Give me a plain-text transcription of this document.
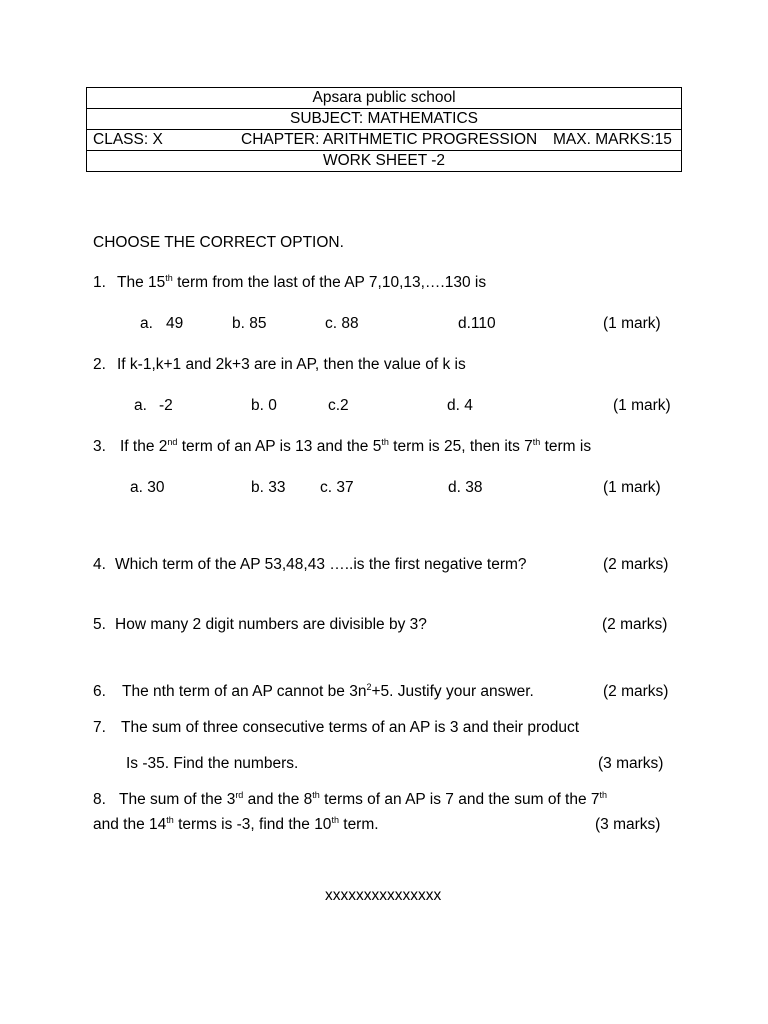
Apsara public school
SUBJECT: MATHEMATICS

CLASS: X	CHAPTER: ARITHMETIC PROGRESSION MAX. MARKS:15

WORK SHEET -2
CHOOSE THE CORRECT OPTION.
1. The 15th term from the last of the AP 7,10,13,….130 is
a. 49	b. 85	c. 88	d.110	(1 mark)
2. If k-1,k+1 and 2k+3 are in AP, then the value of k is
a. -2	b. 0	c.2	d. 4	(1 mark)
3. If the 2nd term of an AP is 13 and the 5th term is 25, then its 7th term is
a. 30	b. 33 c. 37	d. 38	(1 mark)
4. Which term of the AP 53,48,43 …..is the first negative term?	(2 marks)
5. How many 2 digit numbers are divisible by 3?	(2 marks)
6. The nth term of an AP cannot be $3n^2+5$. Justify your answer.	(2 marks)
7. The sum of three consecutive terms of an AP is 3 and their product
Is -35. Find the numbers.	(3 marks)
8. The sum of the 3rd and the 8th terms of an AP is 7 and the sum of the 7th
and the 14th terms is -3, find the 10th term.	(3 marks)
xxxxxxxxxxxxxxx
